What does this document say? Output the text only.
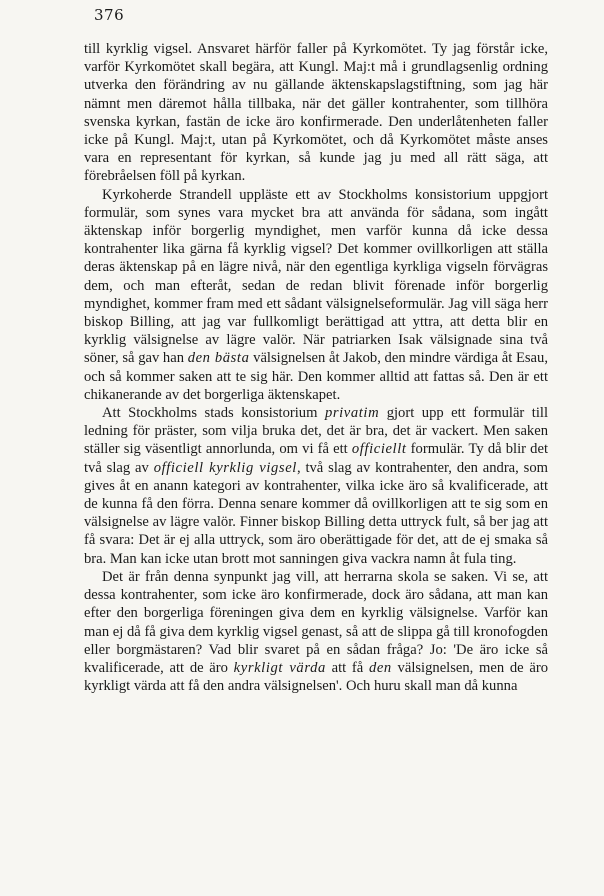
376

till kyrklig vigsel. Ansvaret härför faller på Kyrkomötet. Ty jag förstår icke, varför Kyrkomötet skall begära, att Kungl. Maj:t må i grundlagsenlig ordning utverka den förändring av nu gällande äktenskapslagstiftning, som jag här nämnt men däremot hålla tillbaka, när det gäller kontrahenter, som tillhöra svenska kyrkan, fastän de icke äro konfirmerade. Den underlåtenheten faller icke på Kungl. Maj:t, utan på Kyrkomötet, och då Kyrkomötet måste anses vara en representant för kyrkan, så kunde jag ju med all rätt säga, att förebråelsen föll på kyrkan.

Kyrkoherde Strandell uppläste ett av Stockholms konsistorium uppgjort formulär, som synes vara mycket bra att använda för sådana, som ingått äktenskap inför borgerlig myndighet, men varför kunna då icke dessa kontrahenter lika gärna få kyrklig vigsel? Det kommer ovillkorligen att ställa deras äktenskap på en lägre nivå, när den egentliga kyrkliga vigseln förvägras dem, och man efteråt, sedan de redan blivit förenade inför borgerlig myndighet, kommer fram med ett sådant välsignelseformulär. Jag vill säga herr biskop Billing, att jag var fullkomligt berättigad att yttra, att detta blir en kyrklig välsignelse av lägre valör. När patriarken Isak välsignade sina två söner, så gav han den bästa välsignelsen åt Jakob, den mindre värdiga åt Esau, och så kommer saken att te sig här. Den kommer alltid att fattas så. Den är ett chikanerande av det borgerliga äktenskapet.

Att Stockholms stads konsistorium privatim gjort upp ett formulär till ledning för präster, som vilja bruka det, det är bra, det är vackert. Men saken ställer sig väsentligt annorlunda, om vi få ett officiellt formulär. Ty då blir det två slag av officiell kyrklig vigsel, två slag av kontrahenter, den andra, som gives åt en anann kategori av kontrahenter, vilka icke äro så kvalificerade, att de kunna få den förra. Denna senare kommer då ovillkorligen att te sig som en välsignelse av lägre valör. Finner biskop Billing detta uttryck fult, så ber jag att få svara: Det är ej alla uttryck, som äro oberättigade för det, att de ej smaka så bra. Man kan icke utan brott mot sanningen giva vackra namn åt fula ting.

Det är från denna synpunkt jag vill, att herrarna skola se saken. Vi se, att dessa kontrahenter, som icke äro konfirmerade, dock äro sådana, att man kan efter den borgerliga föreningen giva dem en kyrklig välsignelse. Varför kan man ej då få giva dem kyrklig vigsel genast, så att de slippa gå till kronofogden eller borgmästaren? Vad blir svaret på en sådan fråga? Jo: 'De äro icke så kvalificerade, att de äro kyrkligt värda att få den välsignelsen, men de äro kyrkligt värda att få den andra välsignelsen'. Och huru skall man då kunna
